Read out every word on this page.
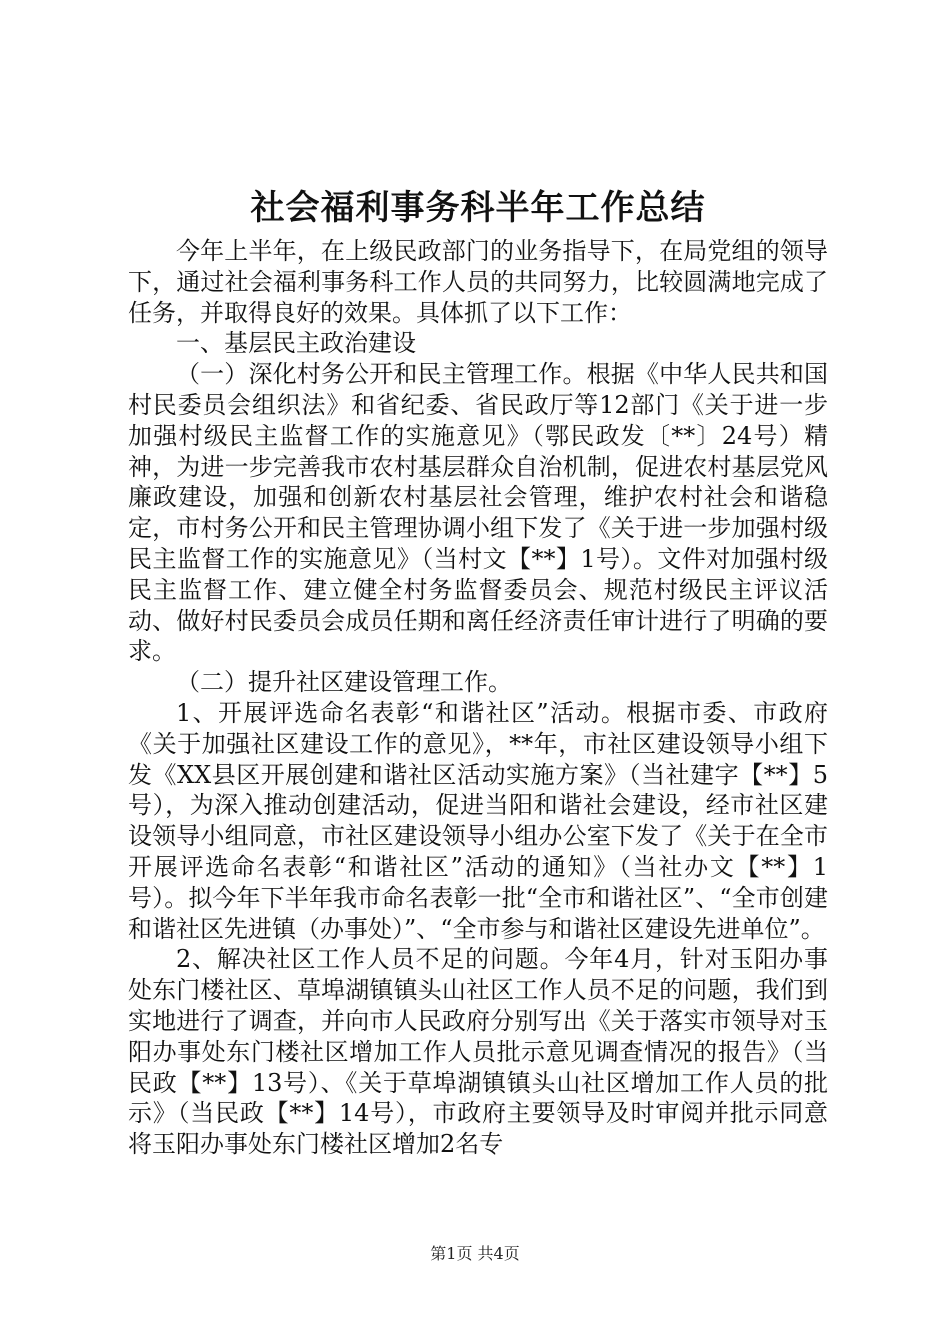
社会福利事务科半年工作总结

今年上半年，在上级民政部门的业务指导下，在局党组的领导下，通过社会福利事务科工作人员的共同努力，比较圆满地完成了任务，并取得良好的效果。具体抓了以下工作：

一、基层民主政治建设

（一）深化村务公开和民主管理工作。根据《中华人民共和国村民委员会组织法》和省纪委、省民政厅等12部门《关于进一步加强村级民主监督工作的实施意见》（鄂民政发〔**〕24号）精神，为进一步完善我市农村基层群众自治机制，促进农村基层党风廉政建设，加强和创新农村基层社会管理，维护农村社会和谐稳定，市村务公开和民主管理协调小组下发了《关于进一步加强村级民主监督工作的实施意见》（当村文【**】1号）。文件对加强村级民主监督工作、建立健全村务监督委员会、规范村级民主评议活动、做好村民委员会成员任期和离任经济责任审计进行了明确的要求。

（二）提升社区建设管理工作。

1、开展评选命名表彰“和谐社区”活动。根据市委、市政府《关于加强社区建设工作的意见》，**年，市社区建设领导小组下发《XX县区开展创建和谐社区活动实施方案》（当社建字【**】5号），为深入推动创建活动，促进当阳和谐社会建设，经市社区建设领导小组同意，市社区建设领导小组办公室下发了《关于在全市开展评选命名表彰“和谐社区”活动的通知》（当社办文【**】1号）。拟今年下半年我市命名表彰一批“全市和谐社区”、“全市创建和谐社区先进镇（办事处）”、“全市参与和谐社区建设先进单位”。

2、解决社区工作人员不足的问题。今年4月，针对玉阳办事处东门楼社区、草埠湖镇镇头山社区工作人员不足的问题，我们到实地进行了调查，并向市人民政府分别写出《关于落实市领导对玉阳办事处东门楼社区增加工作人员批示意见调查情况的报告》（当民政【**】13号）、《关于草埠湖镇镇头山社区增加工作人员的批示》（当民政【**】14号），市政府主要领导及时审阅并批示同意将玉阳办事处东门楼社区增加2名专

第1页 共4页
